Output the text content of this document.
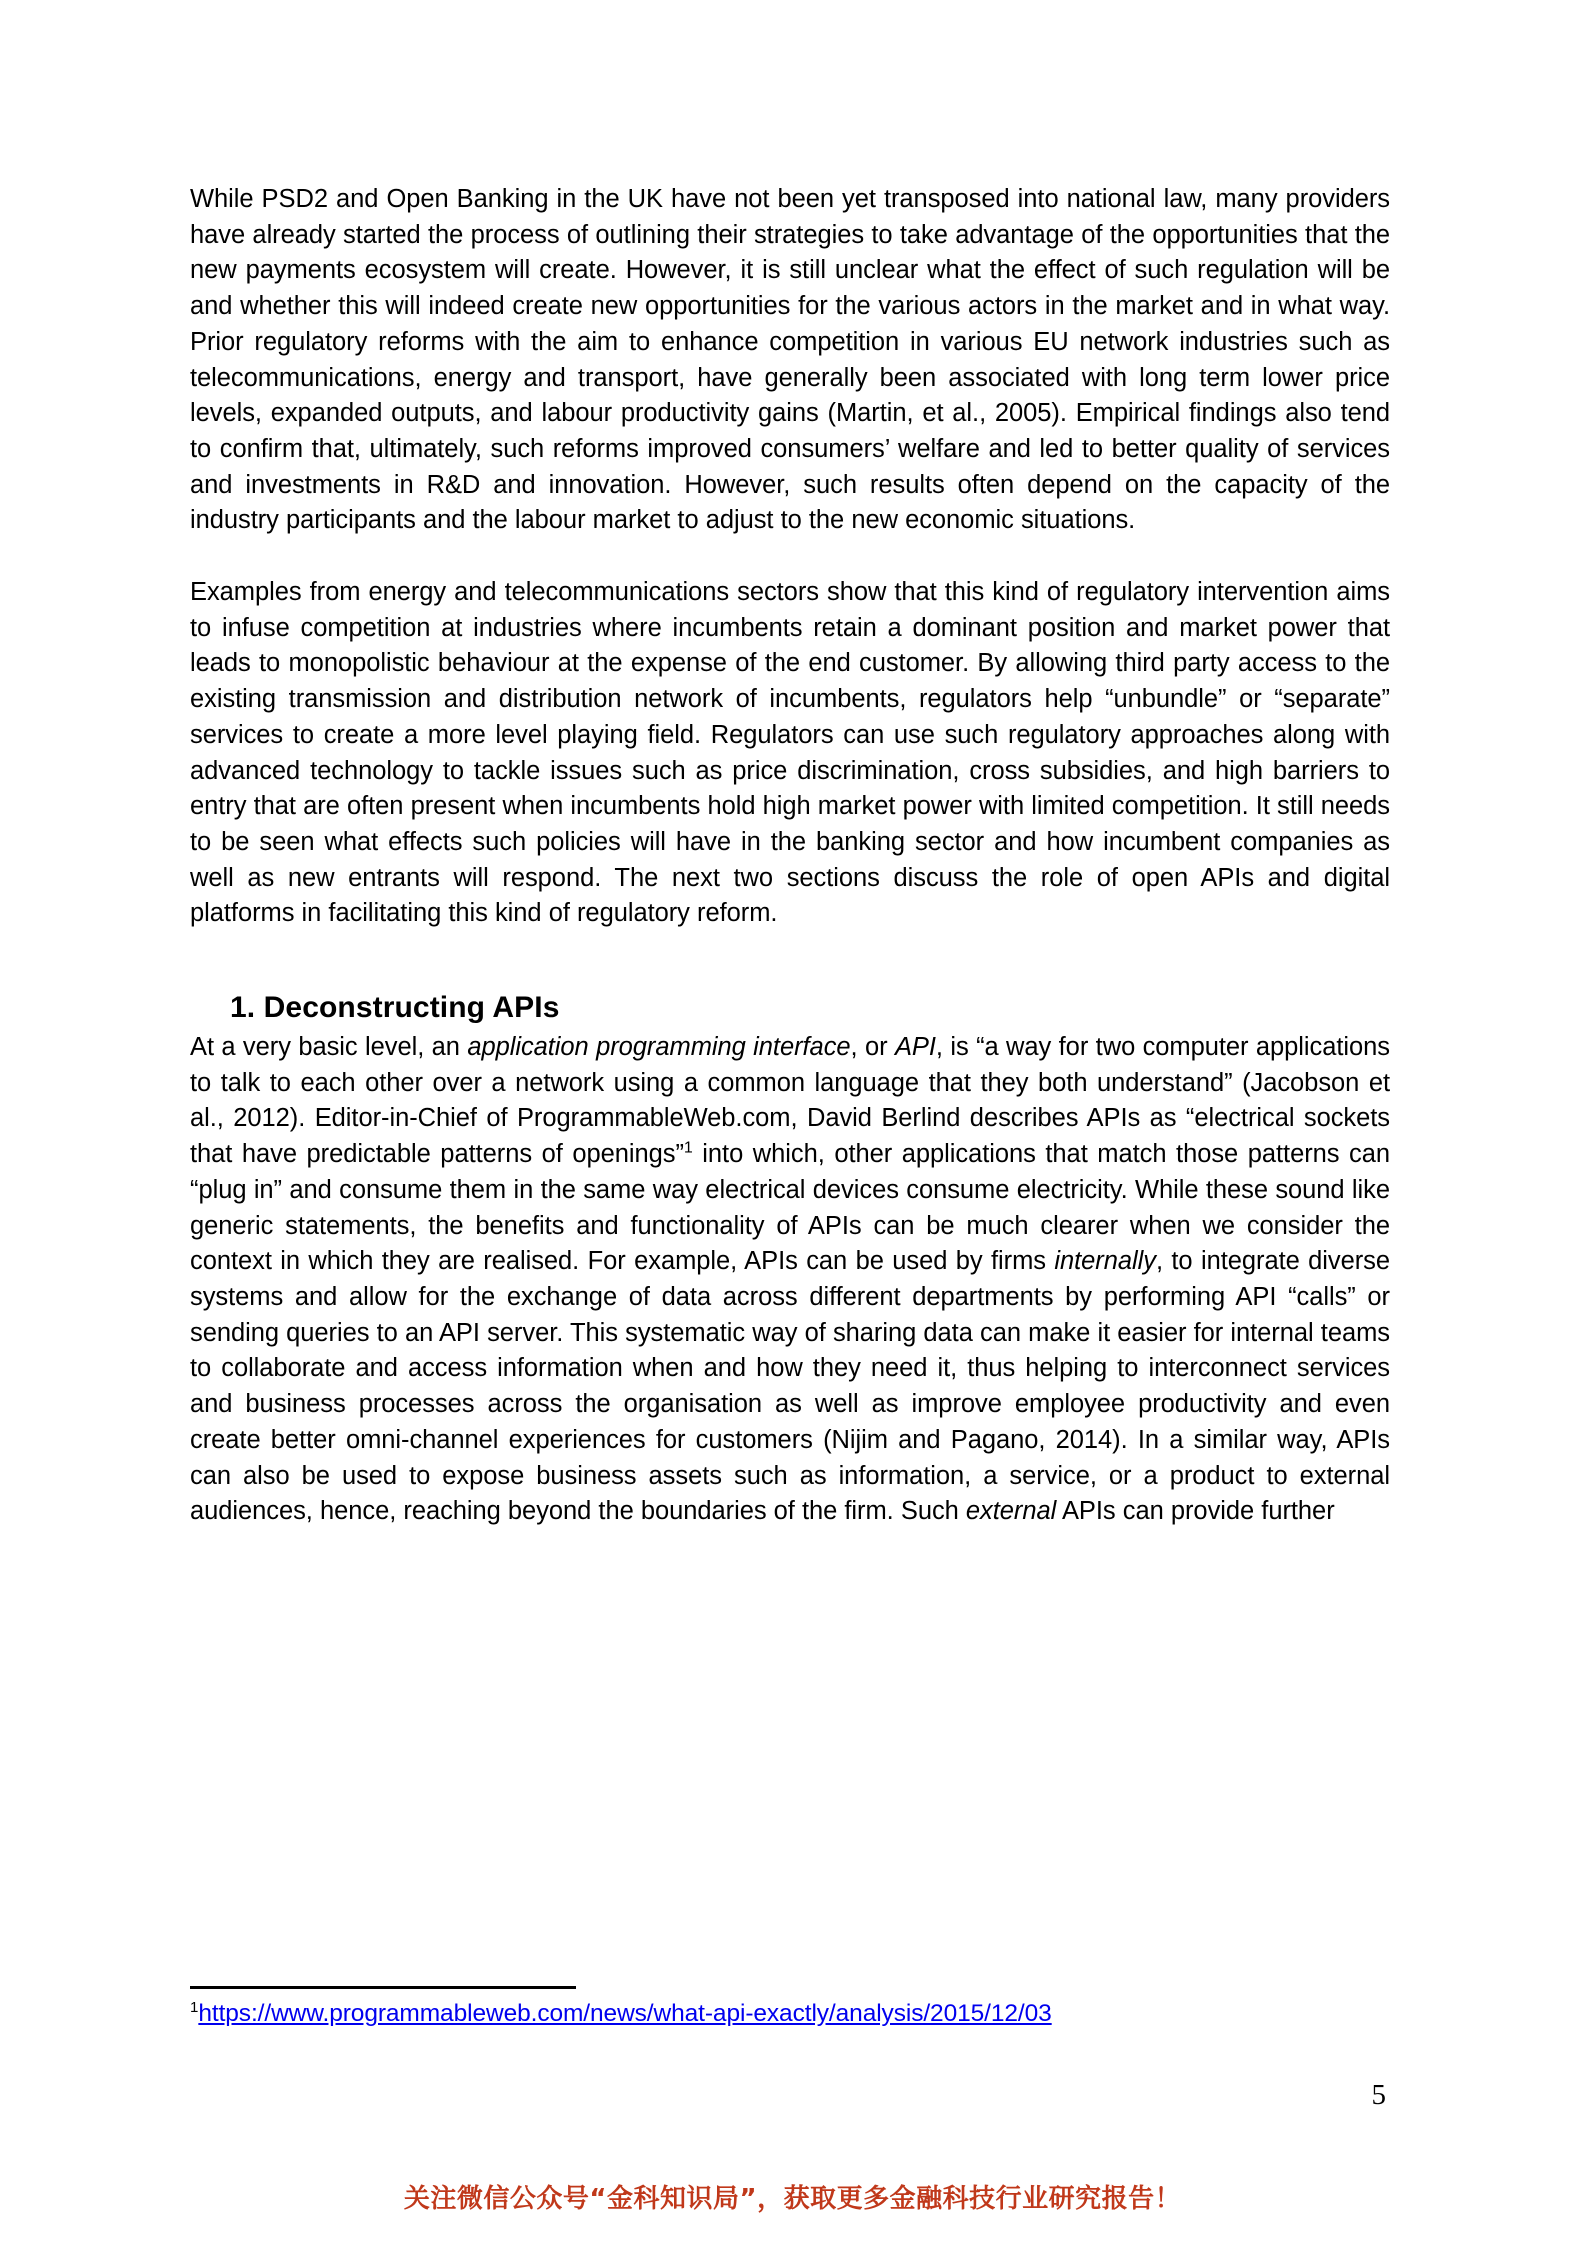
While PSD2 and Open Banking in the UK have not been yet transposed into national law, many providers have already started the process of outlining their strategies to take advantage of the opportunities that the new payments ecosystem will create. However, it is still unclear what the effect of such regulation will be and whether this will indeed create new opportunities for the various actors in the market and in what way. Prior regulatory reforms with the aim to enhance competition in various EU network industries such as telecommunications, energy and transport, have generally been associated with long term lower price levels, expanded outputs, and labour productivity gains (Martin, et al., 2005). Empirical findings also tend to confirm that, ultimately, such reforms improved consumers’ welfare and led to better quality of services and investments in R&D and innovation. However, such results often depend on the capacity of the industry participants and the labour market to adjust to the new economic situations.

Examples from energy and telecommunications sectors show that this kind of regulatory intervention aims to infuse competition at industries where incumbents retain a dominant position and market power that leads to monopolistic behaviour at the expense of the end customer. By allowing third party access to the existing transmission and distribution network of incumbents, regulators help “unbundle” or “separate” services to create a more level playing field. Regulators can use such regulatory approaches along with advanced technology to tackle issues such as price discrimination, cross subsidies, and high barriers to entry that are often present when incumbents hold high market power with limited competition. It still needs to be seen what effects such policies will have in the banking sector and how incumbent companies as well as new entrants will respond. The next two sections discuss the role of open APIs and digital platforms in facilitating this kind of regulatory reform.

1. Deconstructing APIs

At a very basic level, an application programming interface, or API, is “a way for two computer applications to talk to each other over a network using a common language that they both understand” (Jacobson et al., 2012). Editor-in-Chief of ProgrammableWeb.com, David Berlind describes APIs as “electrical sockets that have predictable patterns of openings”$^1$ into which, other applications that match those patterns can “plug in” and consume them in the same way electrical devices consume electricity. While these sound like generic statements, the benefits and functionality of APIs can be much clearer when we consider the context in which they are realised. For example, APIs can be used by firms internally, to integrate diverse systems and allow for the exchange of data across different departments by performing API “calls” or sending queries to an API server. This systematic way of sharing data can make it easier for internal teams to collaborate and access information when and how they need it, thus helping to interconnect services and business processes across the organisation as well as improve employee productivity and even create better omni-channel experiences for customers (Nijim and Pagano, 2014). In a similar way, APIs can also be used to expose business assets such as information, a service, or a product to external audiences, hence, reaching beyond the boundaries of the firm. Such external APIs can provide further

$^1$https://www.programmableweb.com/news/what-api-exactly/analysis/2015/12/03
5
关注微信公众号“金科知识局”，获取更多金融科技行业研究报告！
